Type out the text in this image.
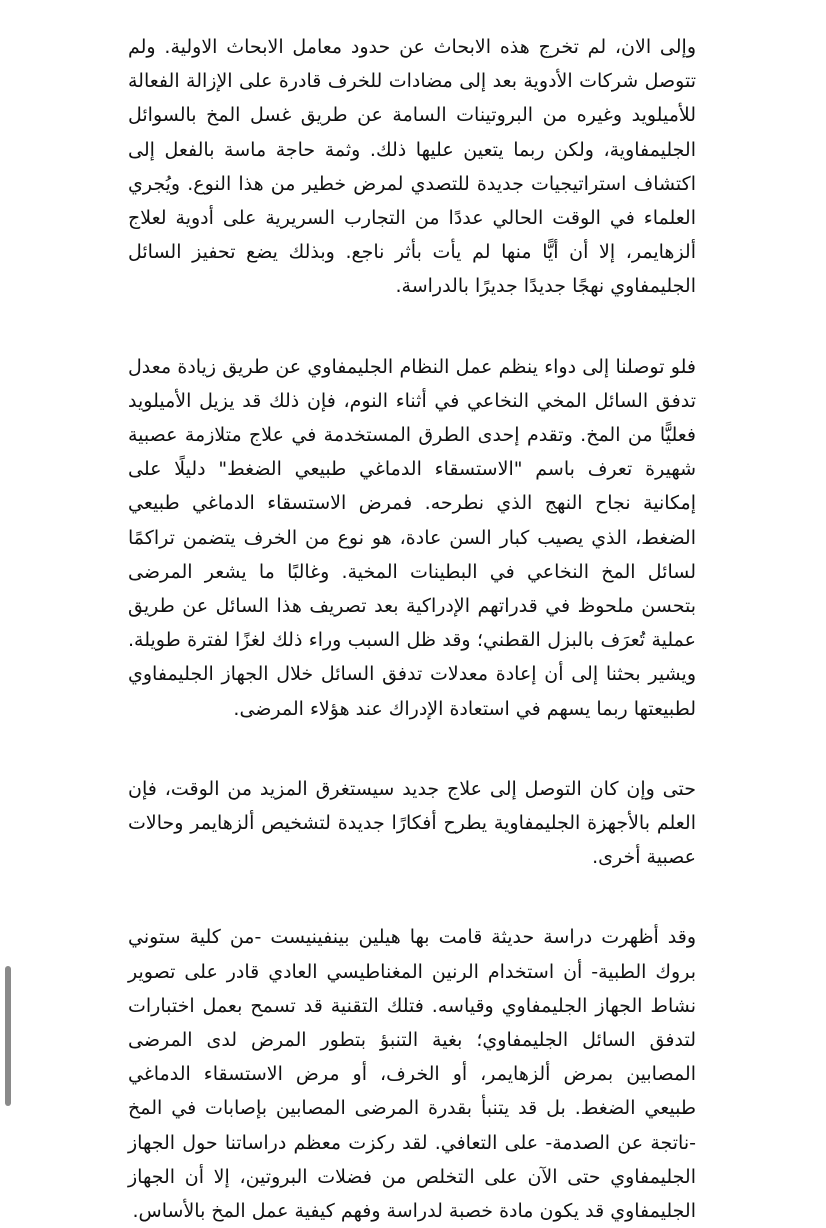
وإلى الان، لم تخرج هذه الابحاث عن حدود معامل الابحاث الاولية. ولم تتوصل شركات الأدوية بعد إلى مضادات للخرف قادرة على الإزالة الفعالة للأميلويد وغيره من البروتينات السامة عن طريق غسل المخ بالسوائل الجليمفاوية، ولكن ربما يتعين عليها ذلك. وثمة حاجة ماسة بالفعل إلى اكتشاف استراتيجيات جديدة للتصدي لمرض خطير من هذا النوع. ويُجري العلماء في الوقت الحالي عددًا من التجارب السريرية على أدوية لعلاج ألزهايمر، إلا أن أيًّا منها لم يأت بأثر ناجع. وبذلك يضع تحفيز السائل الجليمفاوي نهجًا جديدًا جديرًا بالدراسة.

فلو توصلنا إلى دواء ينظم عمل النظام الجليمفاوي عن طريق زيادة معدل تدفق السائل المخي النخاعي في أثناء النوم، فإن ذلك قد يزيل الأميلويد فعليًّا من المخ. وتقدم إحدى الطرق المستخدمة في علاج متلازمة عصبية شهيرة تعرف باسم "الاستسقاء الدماغي طبيعي الضغط" دليلًا على إمكانية نجاح النهج الذي نطرحه. فمرض الاستسقاء الدماغي طبيعي الضغط، الذي يصيب كبار السن عادة، هو نوع من الخرف يتضمن تراكمًا لسائل المخ النخاعي في البطينات المخية. وغالبًا ما يشعر المرضى بتحسن ملحوظ في قدراتهم الإدراكية بعد تصريف هذا السائل عن طريق عملية تُعرَف بالبزل القطني؛ وقد ظل السبب وراء ذلك لغزًا لفترة طويلة. ويشير بحثنا إلى أن إعادة معدلات تدفق السائل خلال الجهاز الجليمفاوي لطبيعتها ربما يسهم في استعادة الإدراك عند هؤلاء المرضى.

حتى وإن كان التوصل إلى علاج جديد سيستغرق المزيد من الوقت، فإن العلم بالأجهزة الجليمفاوية يطرح أفكارًا جديدة لتشخيص ألزهايمر وحالات عصبية أخرى.

وقد أظهرت دراسة حديثة قامت بها هيلين بينفينيست -من كلية ستوني بروك الطبية- أن استخدام الرنين المغناطيسي العادي قادر على تصوير نشاط الجهاز الجليمفاوي وقياسه. فتلك التقنية قد تسمح بعمل اختبارات لتدفق السائل الجليمفاوي؛ بغية التنبؤ بتطور المرض لدى المرضى المصابين بمرض ألزهايمر، أو الخرف، أو مرض الاستسقاء الدماغي طبيعي الضغط. بل قد يتنبأ بقدرة المرضى المصابين بإصابات في المخ -ناتجة عن الصدمة- على التعافي. لقد ركزت معظم دراساتنا حول الجهاز الجليمفاوي حتى الآن على التخلص من فضلات البروتين، إلا أن الجهاز الجليمفاوي قد يكون مادة خصبة لدراسة وفهم كيفية عمل المخ بالأساس.
